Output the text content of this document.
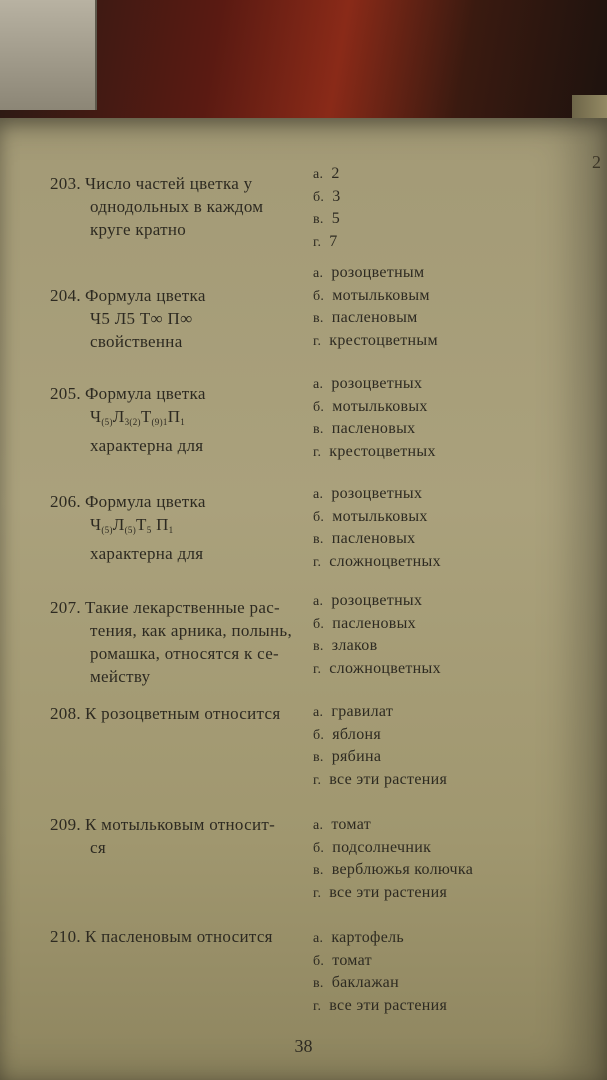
2
203. Число частей цветка у
однодольных в каждом
круге кратно
а. 2
б. 3
в. 5
г. 7
204. Формула цветка
Ч5 Л5 Т∞ П∞
свойственна
а. розоцветным
б. мотыльковым
в. пасленовым
г. крестоцветным
205. Формула цветка
$Ч_{(5)}Л_{3(2)}Т_{(9)1}П_1$
характерна для
а. розоцветных
б. мотыльковых
в. пасленовых
г. крестоцветных
206. Формула цветка
$Ч_{(5)}Л_{(5)}Т_5$ $П_1$
характерна для
а. розоцветных
б. мотыльковых
в. пасленовых
г. сложноцветных
207. Такие лекарственные рас-
тения, как арника, полынь,
ромашка, относятся к се-
мейству
а. розоцветных
б. пасленовых
в. злаков
г. сложноцветных
208. К розоцветным относится	а. гравилат
б. яблоня
в. рябина
г. все эти растения
209. К мотыльковым относит-
ся
а. томат
б. подсолнечник
в. верблюжья колючка
г. все эти растения
210. К пасленовым относится	а. картофель
б. томат
в. баклажан
г. все эти растения
38
